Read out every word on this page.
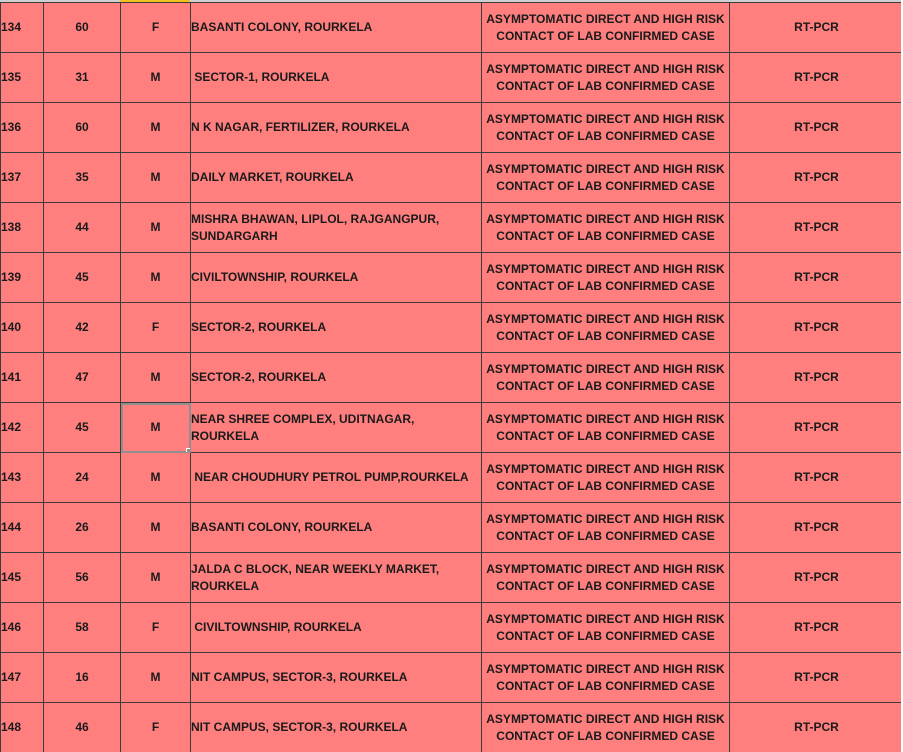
134	60	F	BASANTI COLONY, ROURKELA	ASYMPTOMATIC DIRECT AND HIGH RISK
CONTACT OF LAB CONFIRMED CASE	RT-PCR
135	31	M	SECTOR-1, ROURKELA	ASYMPTOMATIC DIRECT AND HIGH RISK
CONTACT OF LAB CONFIRMED CASE	RT-PCR
136	60	M	N K NAGAR, FERTILIZER, ROURKELA	ASYMPTOMATIC DIRECT AND HIGH RISK
CONTACT OF LAB CONFIRMED CASE	RT-PCR
137	35	M	DAILY MARKET, ROURKELA	ASYMPTOMATIC DIRECT AND HIGH RISK
CONTACT OF LAB CONFIRMED CASE	RT-PCR
138	44	M	MISHRA BHAWAN, LIPLOL, RAJGANGPUR, SUNDARGARH	ASYMPTOMATIC DIRECT AND HIGH RISK
CONTACT OF LAB CONFIRMED CASE	RT-PCR
139	45	M	CIVILTOWNSHIP, ROURKELA	ASYMPTOMATIC DIRECT AND HIGH RISK
CONTACT OF LAB CONFIRMED CASE	RT-PCR
140	42	F	SECTOR-2, ROURKELA	ASYMPTOMATIC DIRECT AND HIGH RISK
CONTACT OF LAB CONFIRMED CASE	RT-PCR
141	47	M	SECTOR-2, ROURKELA	ASYMPTOMATIC DIRECT AND HIGH RISK
CONTACT OF LAB CONFIRMED CASE	RT-PCR
142	45	M	NEAR SHREE COMPLEX, UDITNAGAR, ROURKELA	ASYMPTOMATIC DIRECT AND HIGH RISK
CONTACT OF LAB CONFIRMED CASE	RT-PCR
143	24	M	NEAR CHOUDHURY PETROL PUMP,ROURKELA	ASYMPTOMATIC DIRECT AND HIGH RISK
CONTACT OF LAB CONFIRMED CASE	RT-PCR
144	26	M	BASANTI COLONY, ROURKELA	ASYMPTOMATIC DIRECT AND HIGH RISK
CONTACT OF LAB CONFIRMED CASE	RT-PCR
145	56	M	JALDA C BLOCK, NEAR WEEKLY MARKET, ROURKELA	ASYMPTOMATIC DIRECT AND HIGH RISK
CONTACT OF LAB CONFIRMED CASE	RT-PCR
146	58	F	CIVILTOWNSHIP, ROURKELA	ASYMPTOMATIC DIRECT AND HIGH RISK
CONTACT OF LAB CONFIRMED CASE	RT-PCR
147	16	M	NIT CAMPUS, SECTOR-3, ROURKELA	ASYMPTOMATIC DIRECT AND HIGH RISK
CONTACT OF LAB CONFIRMED CASE	RT-PCR
148	46	F	NIT CAMPUS, SECTOR-3, ROURKELA	ASYMPTOMATIC DIRECT AND HIGH RISK
CONTACT OF LAB CONFIRMED CASE	RT-PCR
